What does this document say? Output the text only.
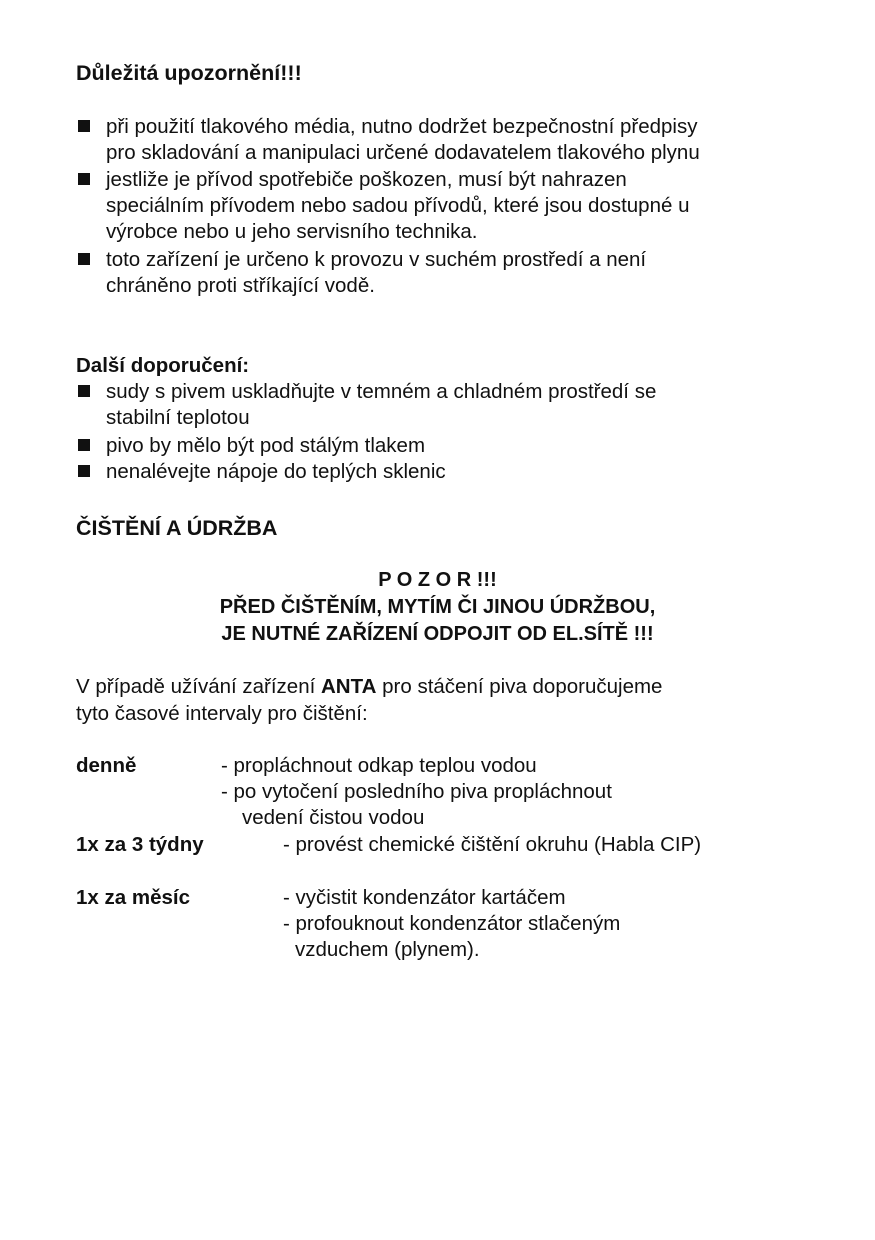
Důležitá upozornění!!!
při použití tlakového média, nutno dodržet bezpečnostní předpisy
pro skladování a manipulaci určené dodavatelem tlakového plynu
jestliže je přívod spotřebiče poškozen, musí být nahrazen
speciálním přívodem nebo sadou přívodů, které jsou dostupné u
výrobce nebo u jeho servisního technika.
toto zařízení je určeno k provozu v suchém prostředí a není
chráněno proti stříkající vodě.
Další doporučení:
sudy s pivem uskladňujte v temném a chladném prostředí se
stabilní teplotou
pivo by mělo být pod stálým tlakem
nenalévejte nápoje do teplých sklenic
ČIŠTĚNÍ A ÚDRŽBA
P O Z O R !!!
PŘED ČIŠTĚNÍM, MYTÍM ČI JINOU ÚDRŽBOU,
JE NUTNÉ ZAŘÍZENÍ ODPOJIT OD EL.SÍTĚ !!!
V případě užívání zařízení ANTA pro stáčení piva doporučujeme
tyto časové intervaly pro čištění:
denně	- propláchnout odkap teplou vodou
- po vytočení posledního piva propláchnout
vedení čistou vodou
1x za 3 týdny	- provést chemické čištění okruhu (Habla CIP)
1x za měsíc	- vyčistit kondenzátor kartáčem
- profouknout kondenzátor stlačeným
vzduchem (plynem).
